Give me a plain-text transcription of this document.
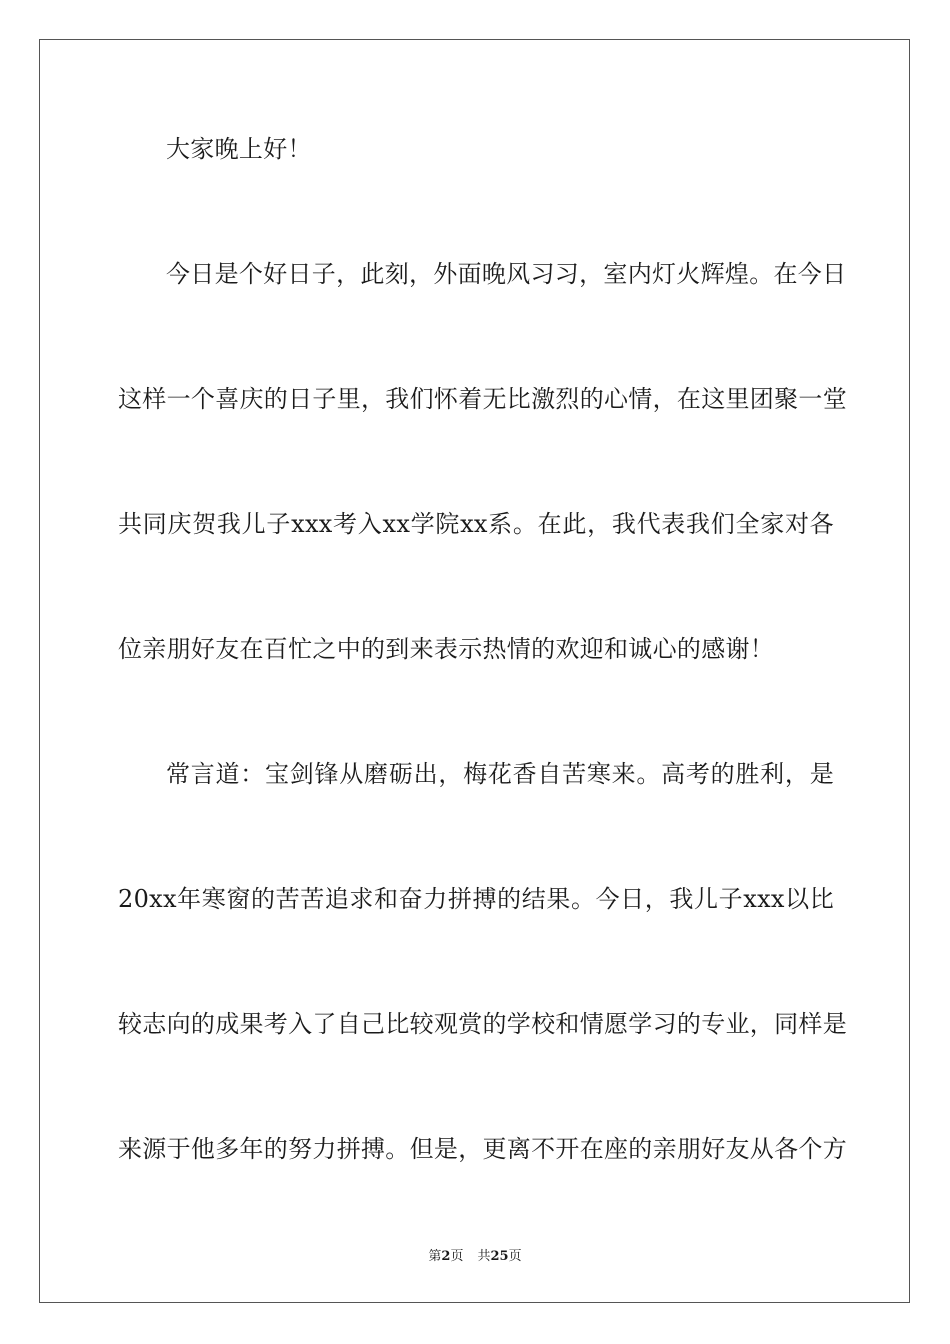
大家晚上好！
今日是个好日子，此刻，外面晚风习习，室内灯火辉煌。在今日
这样一个喜庆的日子里，我们怀着无比激烈的心情，在这里团聚一堂
共同庆贺我儿子xxx考入xx学院xx系。在此，我代表我们全家对各
位亲朋好友在百忙之中的到来表示热情的欢迎和诚心的感谢！
常言道：宝剑锋从磨砺出，梅花香自苦寒来。高考的胜利，是
20xx年寒窗的苦苦追求和奋力拼搏的结果。今日，我儿子xxx以比
较志向的成果考入了自己比较观赏的学校和情愿学习的专业，同样是
来源于他多年的努力拼搏。但是，更离不开在座的亲朋好友从各个方
第2页 共25页
